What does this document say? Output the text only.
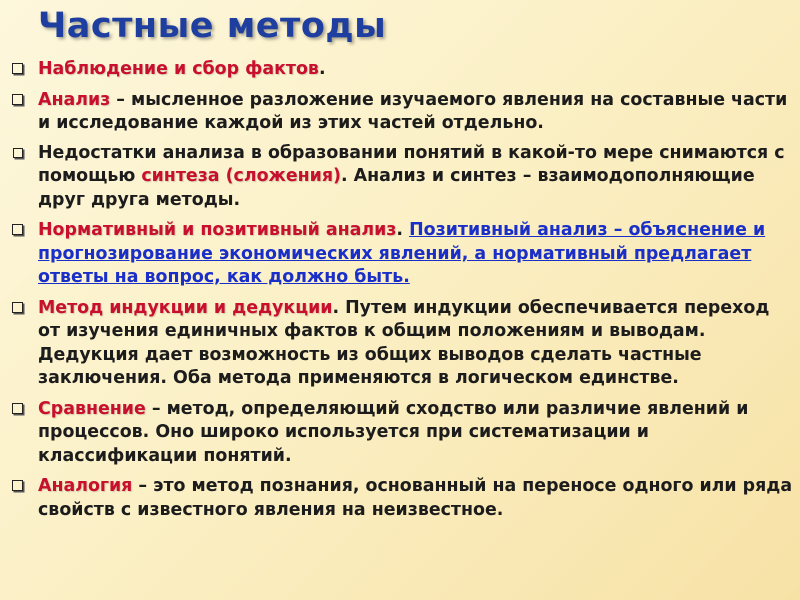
Частные методы
Наблюдение и сбор фактов.
Анализ – мысленное разложение изучаемого явления на составные части и исследование каждой из этих частей отдельно.
Недостатки анализа в образовании понятий в какой-то мере снимаются с помощью синтеза (сложения). Анализ и синтез – взаимодополняющие друг друга методы.
Нормативный и позитивный анализ. Позитивный анализ – объяснение и прогнозирование экономических явлений, а нормативный предлагает ответы на вопрос, как должно быть.
Метод индукции и дедукции. Путем индукции обеспечивается переход от изучения единичных фактов к общим положениям и выводам. Дедукция дает возможность из общих выводов сделать частные заключения. Оба метода применяются в логическом единстве.
Сравнение – метод, определяющий сходство или различие явлений и процессов. Оно широко используется при систематизации и классификации понятий.
Аналогия – это метод познания, основанный на переносе одного или ряда свойств с известного явления на неизвестное.
